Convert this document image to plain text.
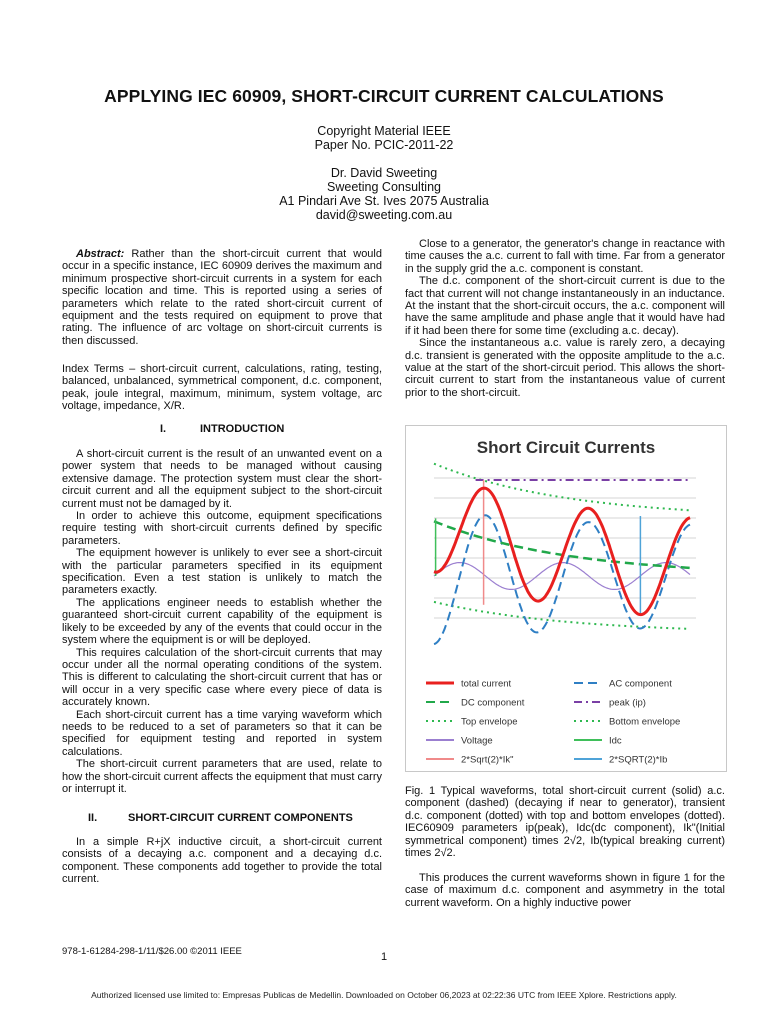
APPLYING IEC 60909, SHORT-CIRCUIT CURRENT CALCULATIONS
Copyright Material IEEE
Paper No. PCIC-2011-22
Dr. David Sweeting
Sweeting Consulting
A1 Pindari Ave St. Ives 2075 Australia
david@sweeting.com.au

Abstract: Rather than the short-circuit current that would occur in a specific instance, IEC 60909 derives the maximum and minimum prospective short-circuit currents in a system for each specific location and time. This is reported using a series of parameters which relate to the rated short-circuit current of equipment and the tests required on equipment to prove that rating. The influence of arc voltage on short-circuit currents is then discussed.

Index Terms – short-circuit current, calculations, rating, testing, balanced, unbalanced, symmetrical component, d.c. component, peak, joule integral, maximum, minimum, system voltage, arc voltage, impedance, X/R.
I.	INTRODUCTION

A short-circuit current is the result of an unwanted event on a power system that needs to be managed without causing extensive damage. The protection system must clear the short-circuit current and all the equipment subject to the short-circuit current must not be damaged by it.

In order to achieve this outcome, equipment specifications require testing with short-circuit currents defined by specific parameters.

The equipment however is unlikely to ever see a short-circuit with the particular parameters specified in its equipment specification. Even a test station is unlikely to match the parameters exactly.

The applications engineer needs to establish whether the guaranteed short-circuit current capability of the equipment is likely to be exceeded by any of the events that could occur in the system where the equipment is or will be deployed.

This requires calculation of the short-circuit currents that may occur under all the normal operating conditions of the system. This is different to calculating the short-circuit current that has or will occur in a very specific case where every piece of data is accurately known.

Each short-circuit current has a time varying waveform which needs to be reduced to a set of parameters so that it can be specified for equipment testing and reported in system calculations.

The short-circuit current parameters that are used, relate to how the short-circuit current affects the equipment that must carry or interrupt it.

II.	SHORT-CIRCUIT CURRENT COMPONENTS

In a simple R+jX inductive circuit, a short-circuit current consists of a decaying a.c. component and a decaying d.c. component. These components add together to provide the total current.

Close to a generator, the generator's change in reactance with time causes the a.c. current to fall with time. Far from a generator in the supply grid the a.c. component is constant.

The d.c. component of the short-circuit current is due to the fact that current will not change instantaneously in an inductance. At the instant that the short-circuit occurs, the a.c. component will have the same amplitude and phase angle that it would have had if it had been there for some time (excluding a.c. decay).

Since the instantaneous a.c. value is rarely zero, a decaying d.c. transient is generated with the opposite amplitude to the a.c. value at the start of the short-circuit period. This allows the short-circuit current to start from the instantaneous value of current prior to the short-circuit.

Short Circuit Currents
total current	AC component
DC component	peak (ip)
Top envelope	Bottom envelope
Voltage	Idc
2*Sqrt(2)*Ik"	2*SQRT(2)*Ib
Fig. 1 Typical waveforms, total short-circuit current (solid) a.c. component (dashed) (decaying if near to generator), transient d.c. component (dotted) with top and bottom envelopes (dotted). IEC60909 parameters ip(peak), Idc(dc component), Ik"(Initial symmetrical component) times 2√2, Ib(typical breaking current) times 2√2.

This produces the current waveforms shown in figure 1 for the case of maximum d.c. component and asymmetry in the total current waveform. On a highly inductive power

978-1-61284-298-1/11/$26.00 ©2011 IEEE	1
Authorized licensed use limited to: Empresas Publicas de Medellin. Downloaded on October 06,2023 at 02:22:36 UTC from IEEE Xplore. Restrictions apply.
